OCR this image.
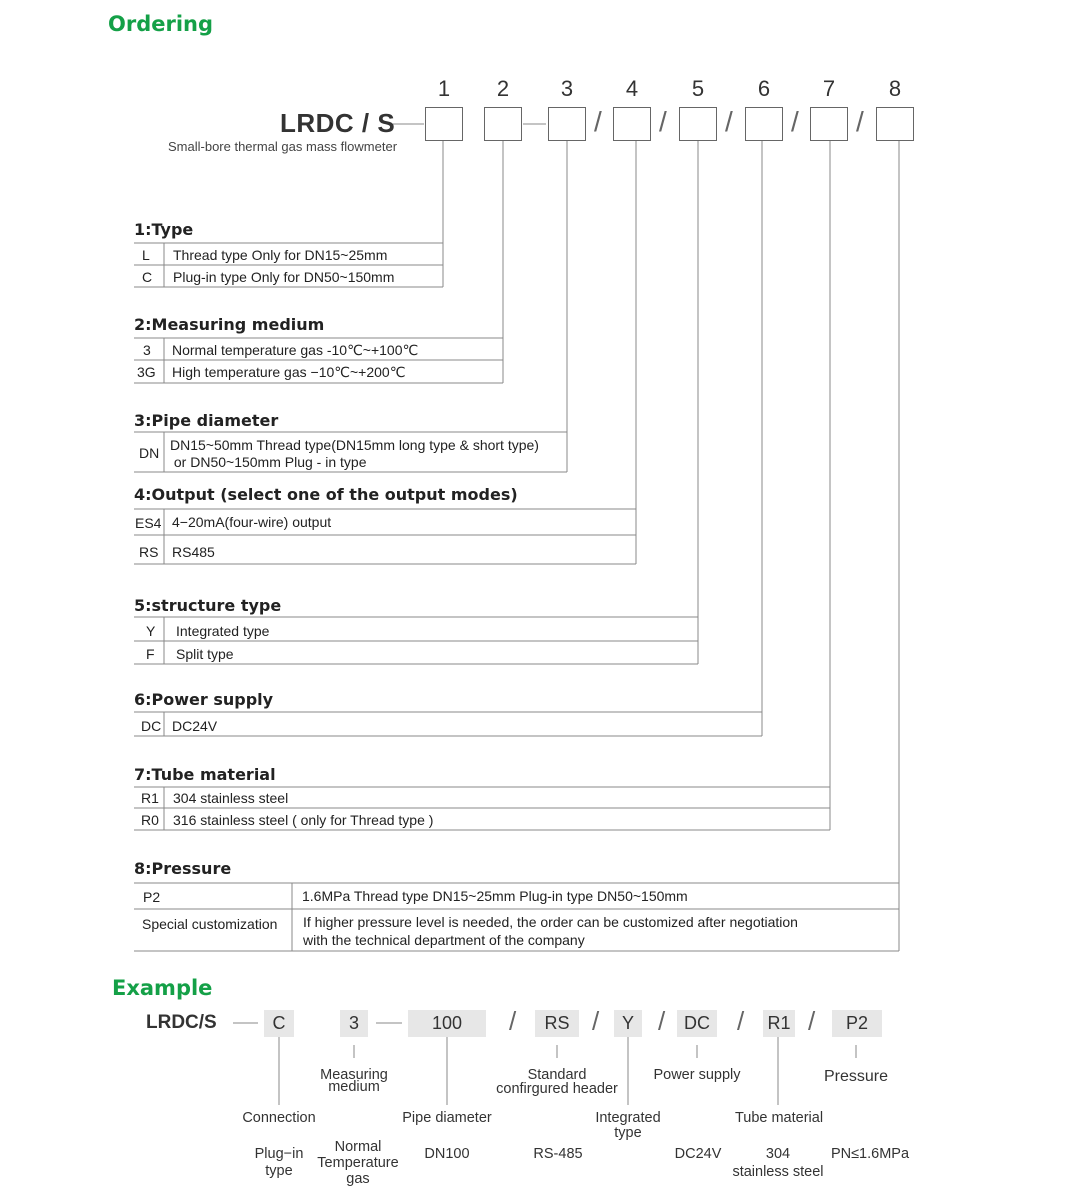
Ordering
1	2	3	4	5	6	7	8
/ / / / /
LRDC / S
Small-bore thermal gas mass flowmeter
1:Type
L Thread type Only for DN15~25mm
C Plug-in type Only for DN50~150mm
2:Measuring medium
3 Normal temperature gas -10℃~+100℃
3G High temperature gas −10℃~+200℃
3:Pipe diameter
DN DN15~50mm Thread type(DN15mm long type & short type)
or DN50~150mm Plug - in type
4:Output (select one of the output modes)
ES4 4−20mA(four-wire) output
RS RS485
5:structure type
Y Integrated type
F Split type
6:Power supply
DC DC24V
7:Tube material
R1 304 stainless steel
R0 316 stainless steel ( only for Thread type )
8:Pressure
P2	1.6MPa Thread type DN15~25mm Plug-in type DN50~150mm
Special customization If higher pressure level is needed, the order can be customized after negotiation
with the technical department of the company
Example
LRDC/S	C	3	100	/	RS /	Y /	DC / R1 /	P2
Connection
Measuring
medium
Pipe diameter
Standard
confirgured header
Integrated
type
Power supply
Tube material
Pressure
Plug−in
type
Normal
Temperature
gas
DN100	RS-485	DC24V	304
stainless steel
PN≤1.6MPa
